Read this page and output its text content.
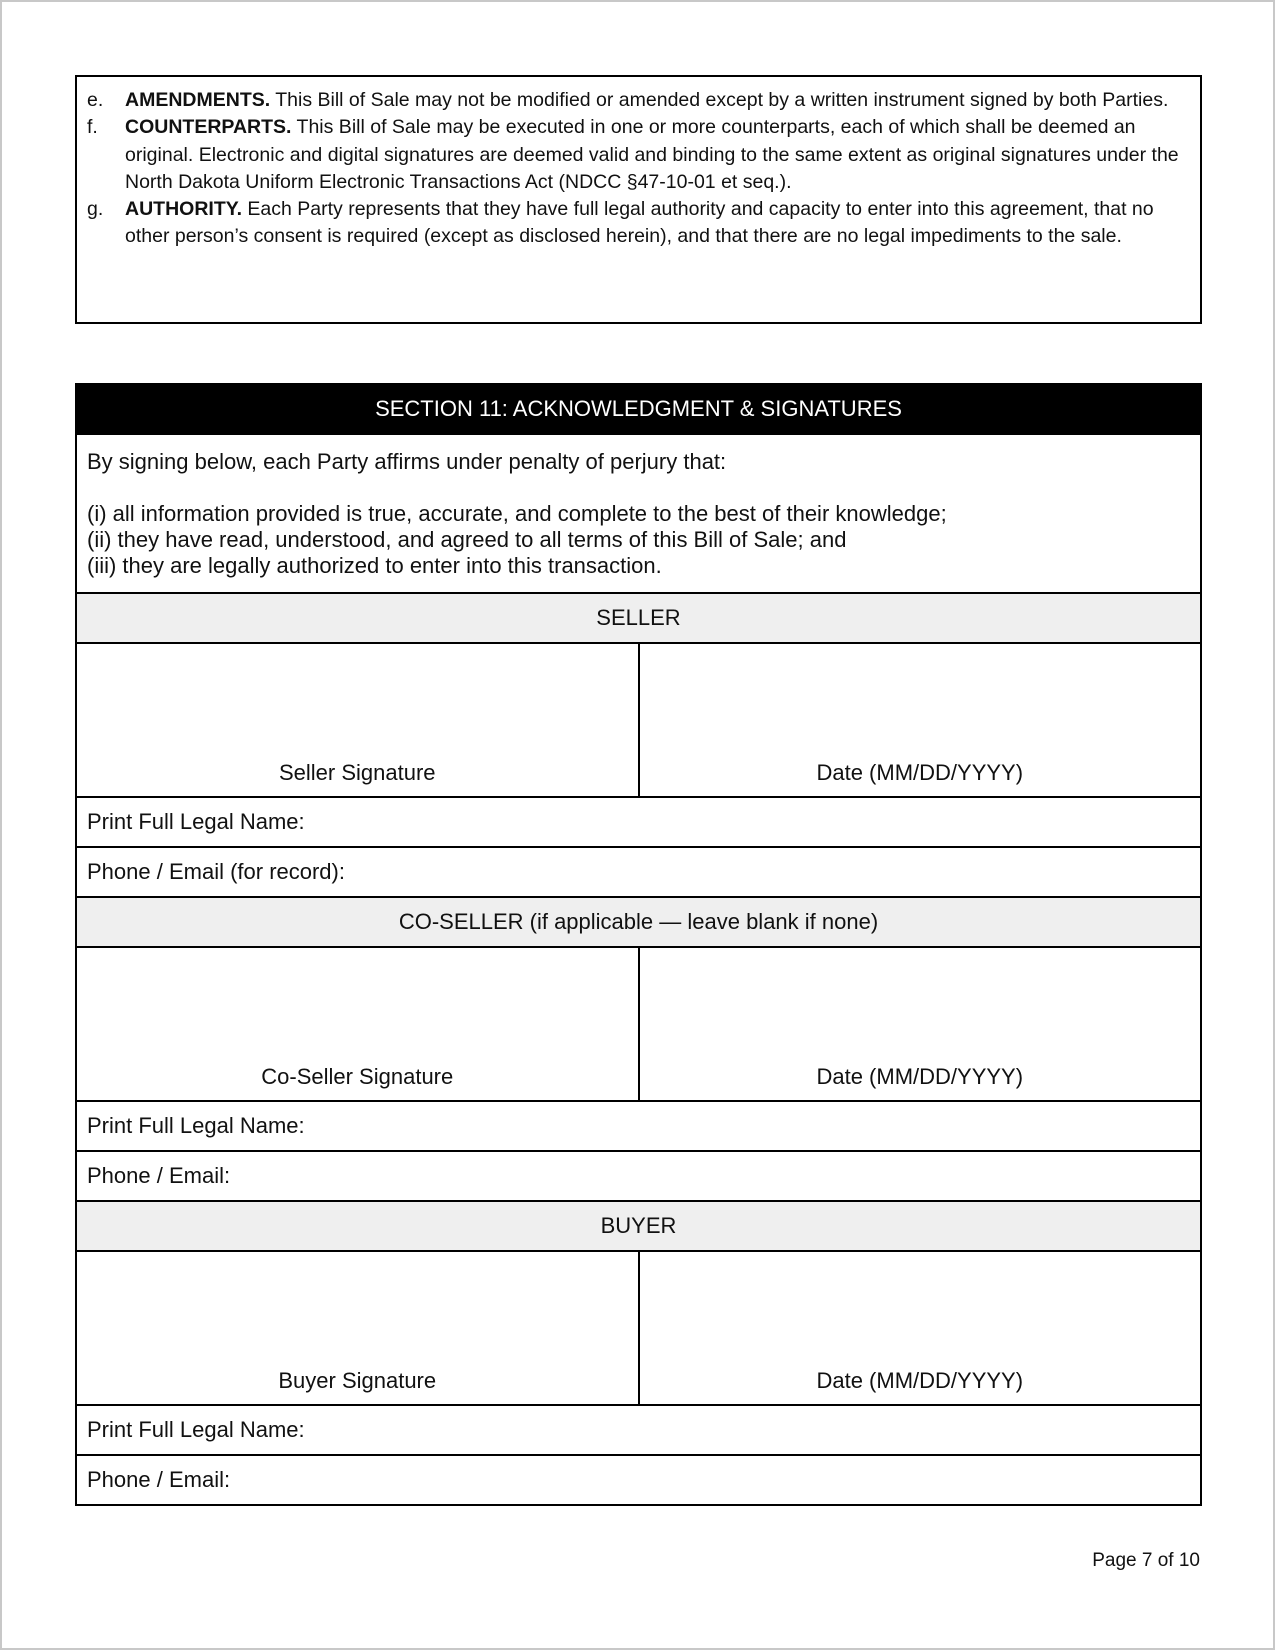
e.	AMENDMENTS. This Bill of Sale may not be modified or amended except by a written instrument signed by both Parties.
f.	COUNTERPARTS. This Bill of Sale may be executed in one or more counterparts, each of which shall be deemed an original. Electronic and digital signatures are deemed valid and binding to the same extent as original signatures under the North Dakota Uniform Electronic Transactions Act (NDCC §47-10-01 et seq.).
g.	AUTHORITY. Each Party represents that they have full legal authority and capacity to enter into this agreement, that no other person’s consent is required (except as disclosed herein), and that there are no legal impediments to the sale.
SECTION 11: ACKNOWLEDGMENT & SIGNATURES
By signing below, each Party affirms under penalty of perjury that:
(i) all information provided is true, accurate, and complete to the best of their knowledge;
(ii) they have read, understood, and agreed to all terms of this Bill of Sale; and
(iii) they are legally authorized to enter into this transaction.
SELLER
Seller Signature	Date (MM/DD/YYYY)
Print Full Legal Name:
Phone / Email (for record):
CO-SELLER (if applicable — leave blank if none)
Co-Seller Signature	Date (MM/DD/YYYY)
Print Full Legal Name:
Phone / Email:
BUYER
Buyer Signature	Date (MM/DD/YYYY)
Print Full Legal Name:
Phone / Email:
Page 7 of 10
